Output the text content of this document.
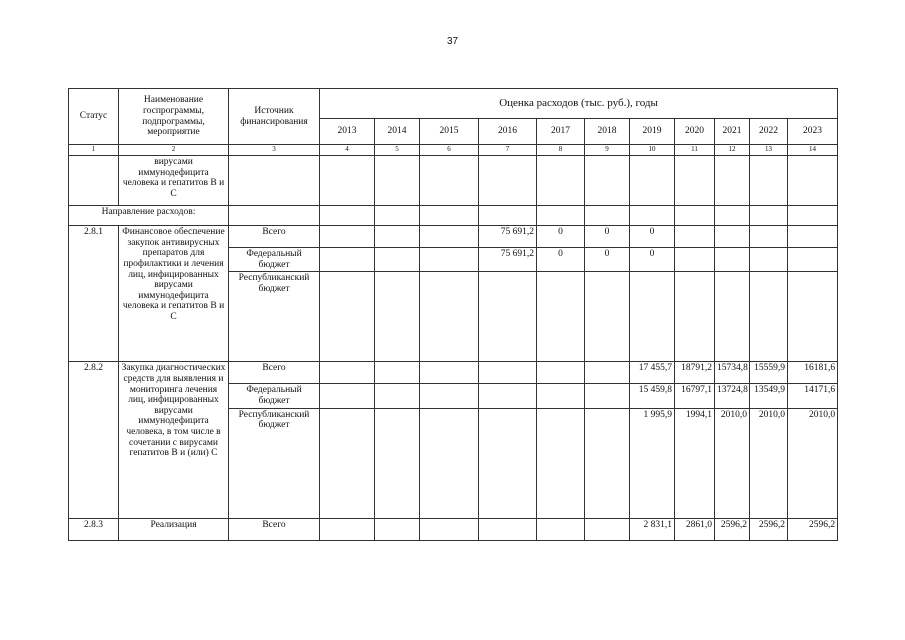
37
Статус	Наименование госпрограммы, подпрограммы, мероприятие	Источник финансирования	Оценка расходов (тыс. руб.), годы										
			2013	2014	2015	2016	2017	2018	2019	2020	2021	2022	2023
1	2	3	4	5	6	7	8	9	10	11	12	13	14
	вирусами иммунодефицита человека и гепатитов В и С												
Направление расходов:													
2.8.1	Финансовое обеспечение закупок антивирусных препаратов для профилактики и лечения лиц, инфицированных вирусами иммунодефицита человека и гепатитов В и С	Всего				75 691,2	0	0	0				
		Федеральный бюджет				75 691,2	0	0	0				
		Республиканский бюджет											
2.8.2	Закупка диагностических средств для выявления и мониторинга лечения лиц, инфицированных вирусами иммунодефицита человека, в том числе в сочетании с вирусами гепатитов В и (или) С	Всего							17 455,7	18791,2	15734,8	15559,9	16181,6
		Федеральный бюджет							15 459,8	16797,1	13724,8	13549,9	14171,6
		Республиканский бюджет							1 995,9	1994,1	2010,0	2010,0	2010,0
2.8.3	Реализация	Всего							2 831,1	2861,0	2596,2	2596,2	2596,2
